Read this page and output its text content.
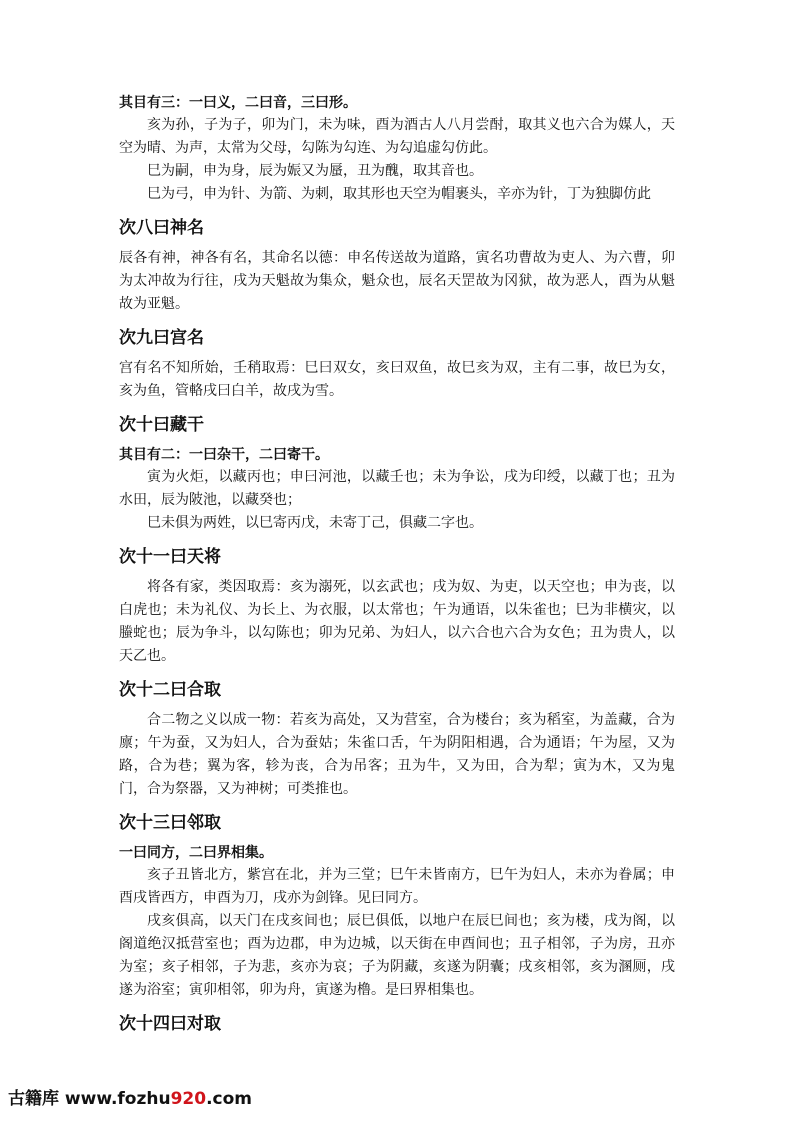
其目有三：一曰义，二曰音，三曰形。

亥为孙，子为子，卯为门，未为味，酉为酒古人八月尝酎，取其义也六合为媒人，天空为晴、为声，太常为父母，勾陈为勾连、为勾追虚勾仿此。

巳为嗣，申为身，辰为娠又为蜃，丑为醜，取其音也。

巳为弓，申为针、为箭、为刺，取其形也天空为帽裹头，辛亦为针，丁为独脚仿此

次八曰神名

辰各有神，神各有名，其命名以德：申名传送故为道路，寅名功曹故为吏人、为六曹，卯为太冲故为行往，戌为天魁故为集众，魁众也，辰名天罡故为冈狱，故为恶人，酉为从魁故为亚魁。

次九曰宫名

宫有名不知所始，壬稍取焉：巳曰双女，亥曰双鱼，故巳亥为双，主有二事，故巳为女，亥为鱼，管輅戌曰白羊，故戌为雪。

次十曰藏干

其目有二：一曰杂干，二曰寄干。

寅为火炬，以藏丙也；申曰河池，以藏壬也；未为争讼，戌为印绶，以藏丁也；丑为水田，辰为陂池，以藏癸也；

巳未俱为两姓，以巳寄丙戊，未寄丁己，俱藏二字也。

次十一曰天将

将各有家，类因取焉：亥为溺死，以玄武也；戌为奴、为吏，以天空也；申为丧，以白虎也；未为礼仪、为长上、为衣服，以太常也；午为通语，以朱雀也；巳为非横灾，以螣蛇也；辰为争斗，以勾陈也；卯为兄弟、为妇人，以六合也六合为女色；丑为贵人，以天乙也。

次十二曰合取

合二物之义以成一物：若亥为高处，又为营室，合为楼台；亥为稻室，为盖藏，合为廪；午为蚕，又为妇人，合为蚕姑；朱雀口舌，午为阴阳相遇，合为通语；午为屋，又为路，合为巷；翼为客，轸为丧，合为吊客；丑为牛，又为田，合为犁；寅为木，又为鬼门，合为祭器，又为神树；可类推也。

次十三曰邻取

一曰同方，二曰界相集。

亥子丑皆北方，紫宫在北，并为三堂；巳午未皆南方，巳午为妇人，未亦为眷属；申酉戌皆西方，申酉为刀，戌亦为剑锋。见曰同方。

戌亥俱高，以天门在戌亥间也；辰巳俱低，以地户在辰巳间也；亥为楼，戌为阁，以阁道绝汉抵营室也；酉为边郡，申为边城，以天街在申酉间也；丑子相邻，子为房，丑亦为室；亥子相邻，子为悲，亥亦为哀；子为阴藏，亥遂为阴囊；戌亥相邻，亥为溷厕，戌遂为浴室；寅卯相邻，卯为舟，寅遂为橹。是曰界相集也。

次十四曰对取
古籍库 www.fozhu920.com
